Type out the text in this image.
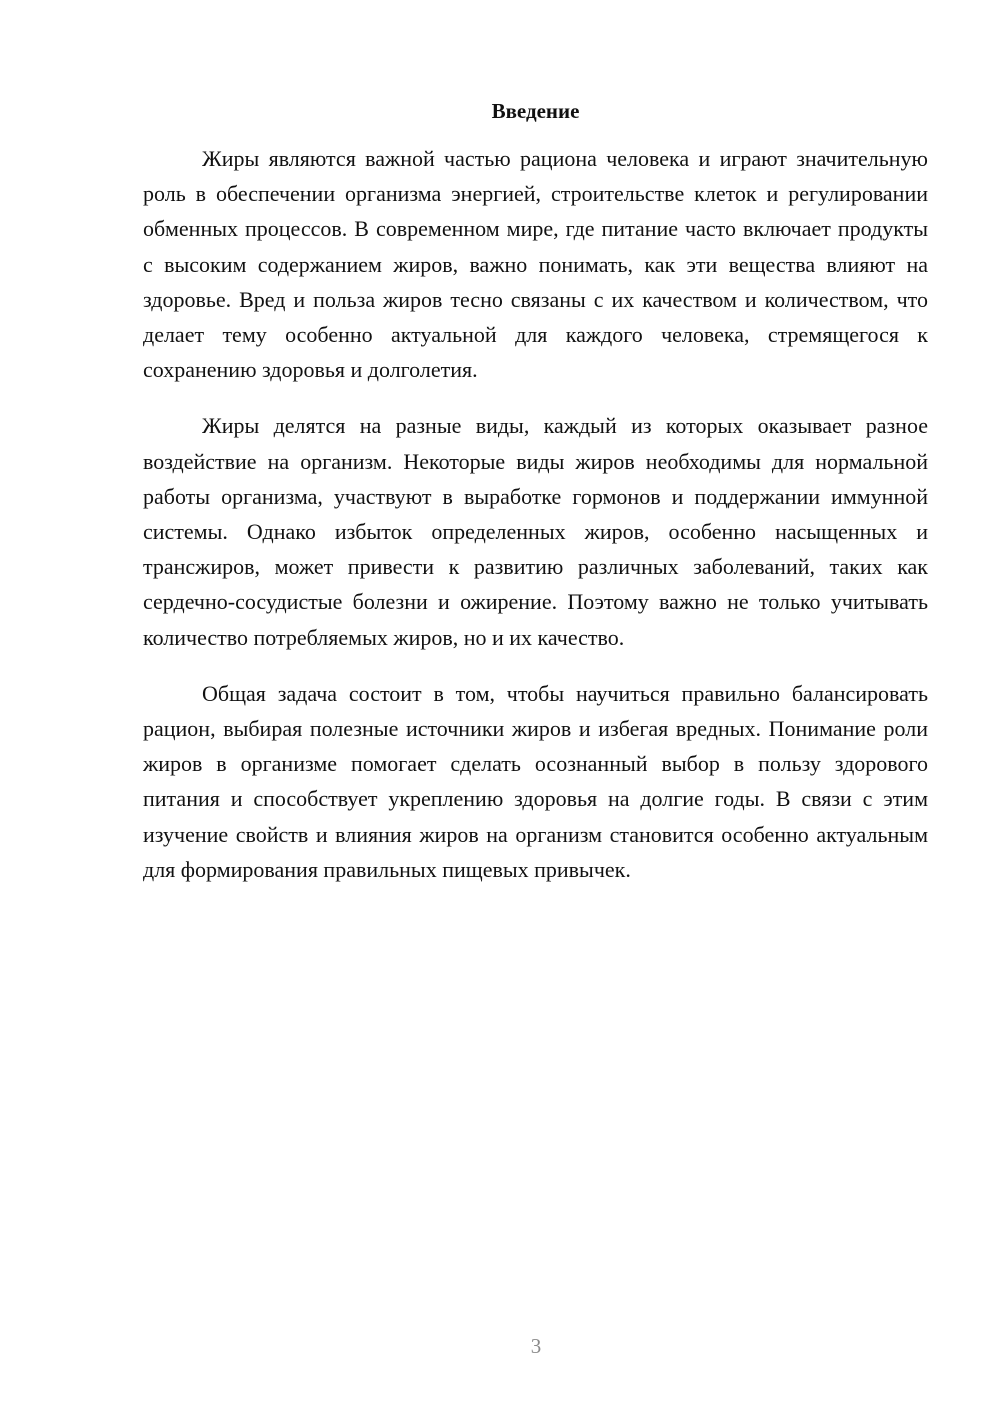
Введение

Жиры являются важной частью рациона человека и играют значительную роль в обеспечении организма энергией, строительстве клеток и регулировании обменных процессов. В современном мире, где питание часто включает продукты с высоким содержанием жиров, важно понимать, как эти вещества влияют на здоровье. Вред и польза жиров тесно связаны с их качеством и количеством, что делает тему особенно актуальной для каждого человека, стремящегося к сохранению здоровья и долголетия.

Жиры делятся на разные виды, каждый из которых оказывает разное воздействие на организм. Некоторые виды жиров необходимы для нормальной работы организма, участвуют в выработке гормонов и поддержании иммунной системы. Однако избыток определенных жиров, особенно насыщенных и трансжиров, может привести к развитию различных заболеваний, таких как сердечно-сосудистые болезни и ожирение. Поэтому важно не только учитывать количество потребляемых жиров, но и их качество.

Общая задача состоит в том, чтобы научиться правильно балансировать рацион, выбирая полезные источники жиров и избегая вредных. Понимание роли жиров в организме помогает сделать осознанный выбор в пользу здорового питания и способствует укреплению здоровья на долгие годы. В связи с этим изучение свойств и влияния жиров на организм становится особенно актуальным для формирования правильных пищевых привычек.

3
